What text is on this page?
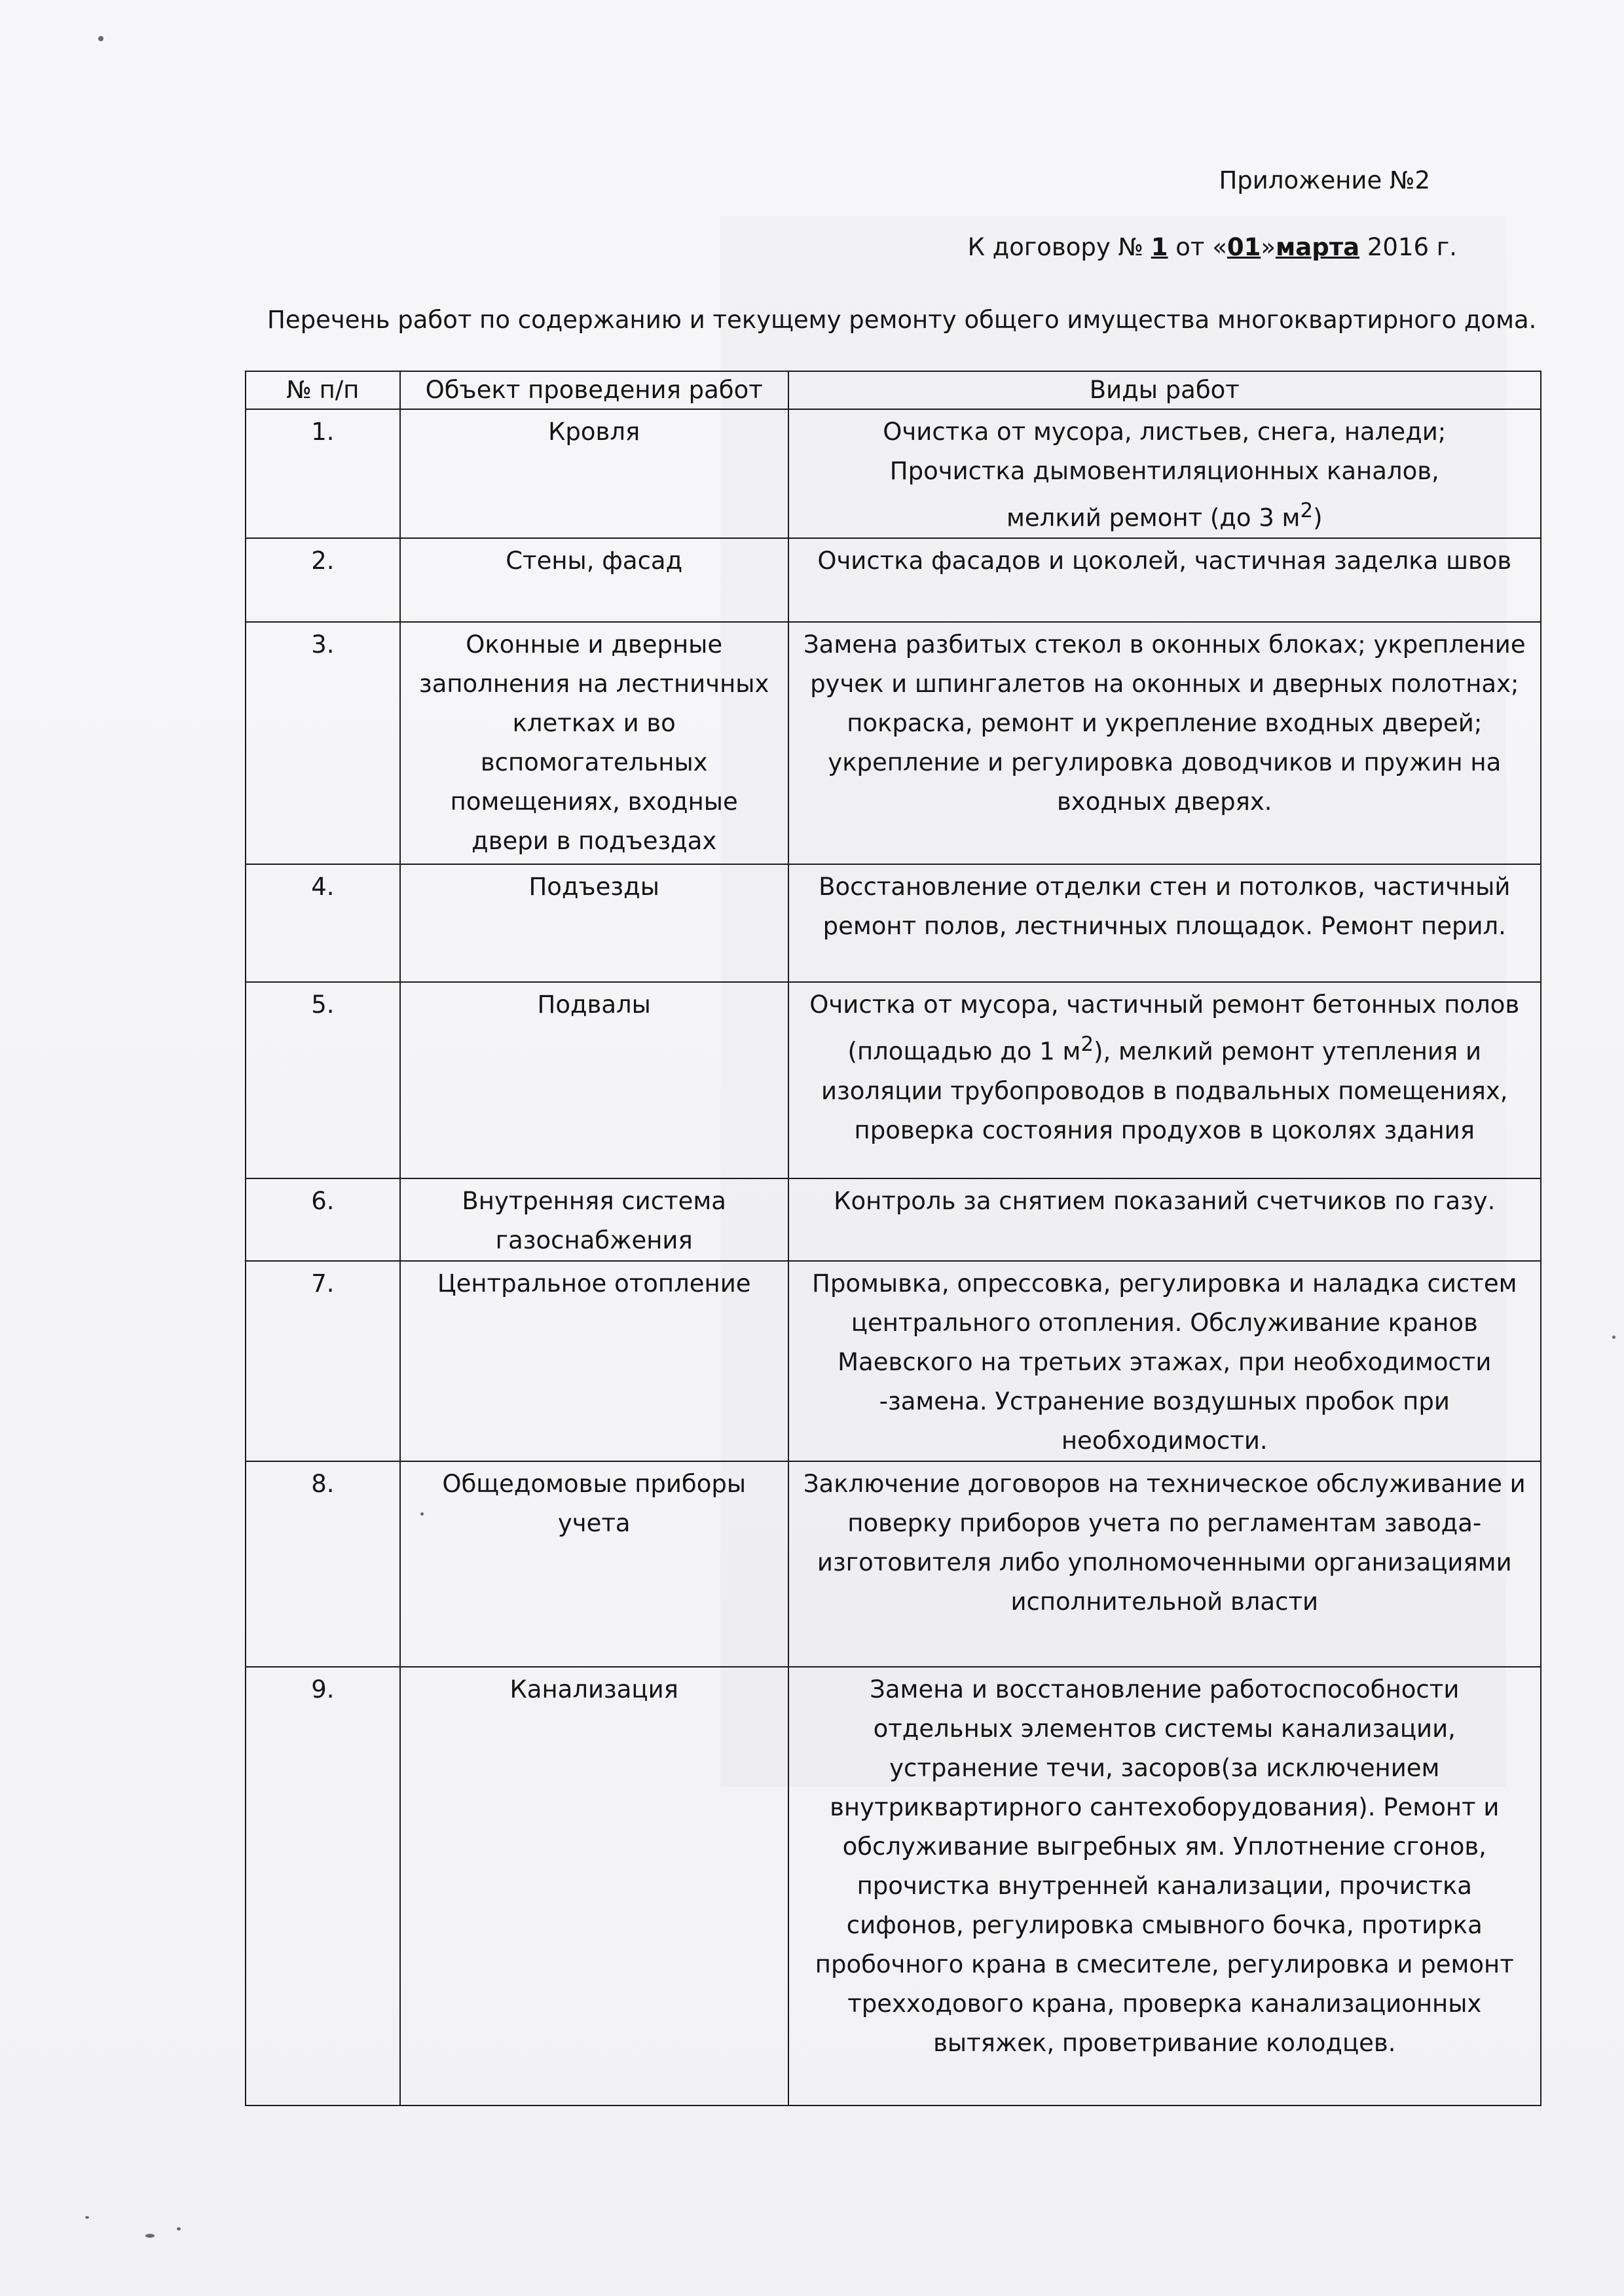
Приложение №2
К договору № 1 от «01»марта 2016 г.
Перечень работ по содержанию и текущему ремонту общего имущества многоквартирного дома.
№ п/п	Объект проведения работ	Виды работ
1.	Кровля	Очистка от мусора, листьев, снега, наледи;
Прочистка дымовентиляционных каналов,
мелкий ремонт (до 3 $м^2$)
2.	Стены, фасад	Очистка фасадов и цоколей, частичная заделка швов
3.	Оконные и дверные заполнения на лестничных клетках и во вспомогательных помещениях, входные двери в подъездах	Замена разбитых стекол в оконных блоках; укрепление ручек и шпингалетов на оконных и дверных полотнах; покраска, ремонт и укрепление входных дверей; укрепление и регулировка доводчиков и пружин на входных дверях.
4.	Подъезды	Восстановление отделки стен и потолков, частичный ремонт полов, лестничных площадок. Ремонт перил.
5.	Подвалы	Очистка от мусора, частичный ремонт бетонных полов (площадью до 1 $м^2$), мелкий ремонт утепления и изоляции трубопроводов в подвальных помещениях, проверка состояния продухов в цоколях здания
6.	Внутренняя система газоснабжения	Контроль за снятием показаний счетчиков по газу.
7.	Центральное отопление	Промывка, опрессовка, регулировка и наладка систем центрального отопления. Обслуживание кранов Маевского на третьих этажах, при необходимости -замена. Устранение воздушных пробок при необходимости.
8.	Общедомовые приборы учета	Заключение договоров на техническое обслуживание и поверку приборов учета по регламентам завода-изготовителя либо уполномоченными организациями исполнительной власти
9.	Канализация	Замена и восстановление работоспособности отдельных элементов системы канализации, устранение течи, засоров(за исключением внутриквартирного сантехоборудования). Ремонт и обслуживание выгребных ям. Уплотнение сгонов, прочистка внутренней канализации, прочистка сифонов, регулировка смывного бочка, протирка пробочного крана в смесителе, регулировка и ремонт трехходового крана, проверка канализационных вытяжек, проветривание колодцев.
